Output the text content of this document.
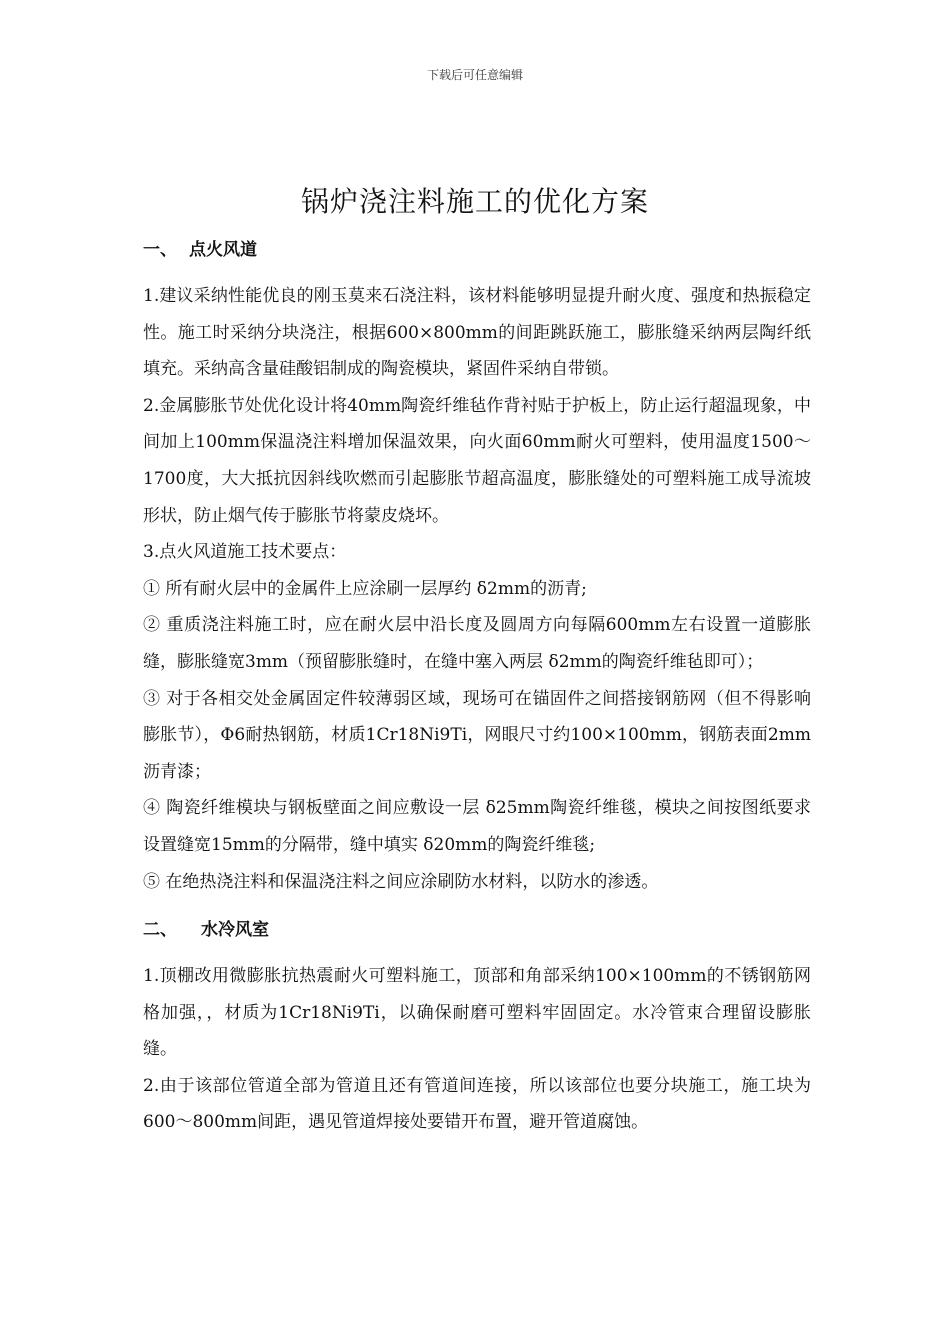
下载后可任意编辑
锅炉浇注料施工的优化方案
一、 点火风道

1.建议采纳性能优良的刚玉莫来石浇注料，该材料能够明显提升耐火度、强度和热振稳定性。施工时采纳分块浇注，根据600×800mm的间距跳跃施工，膨胀缝采纳两层陶纤纸填充。采纳高含量硅酸铝制成的陶瓷模块，紧固件采纳自带锁。

2.金属膨胀节处优化设计将40mm陶瓷纤维毡作背衬贴于护板上，防止运行超温现象，中间加上100mm保温浇注料增加保温效果，向火面60mm耐火可塑料，使用温度1500～1700度，大大抵抗因斜线吹燃而引起膨胀节超高温度，膨胀缝处的可塑料施工成导流坡形状，防止烟气传于膨胀节将蒙皮烧坏。

3.点火风道施工技术要点：

① 所有耐火层中的金属件上应涂刷一层厚约 δ2mm的沥青;

② 重质浇注料施工时，应在耐火层中沿长度及圆周方向每隔600mm左右设置一道膨胀缝，膨胀缝宽3mm（预留膨胀缝时，在缝中塞入两层 δ2mm的陶瓷纤维毡即可）；

③ 对于各相交处金属固定件较薄弱区域，现场可在锚固件之间搭接钢筋网（但不得影响膨胀节），Φ6耐热钢筋，材质1Cr18Ni9Ti，网眼尺寸约100×100mm，钢筋表面2mm沥青漆；

④ 陶瓷纤维模块与钢板壁面之间应敷设一层 δ25mm陶瓷纤维毯，模块之间按图纸要求设置缝宽15mm的分隔带，缝中填实 δ20mm的陶瓷纤维毯;

⑤ 在绝热浇注料和保温浇注料之间应涂刷防水材料，以防水的渗透。

二、 水冷风室

1.顶棚改用微膨胀抗热震耐火可塑料施工，顶部和角部采纳100×100mm的不锈钢筋网格加强，，材质为1Cr18Ni9Ti，以确保耐磨可塑料牢固固定。水冷管束合理留设膨胀缝。

2.由于该部位管道全部为管道且还有管道间连接，所以该部位也要分块施工，施工块为600～800mm间距，遇见管道焊接处要错开布置，避开管道腐蚀。
